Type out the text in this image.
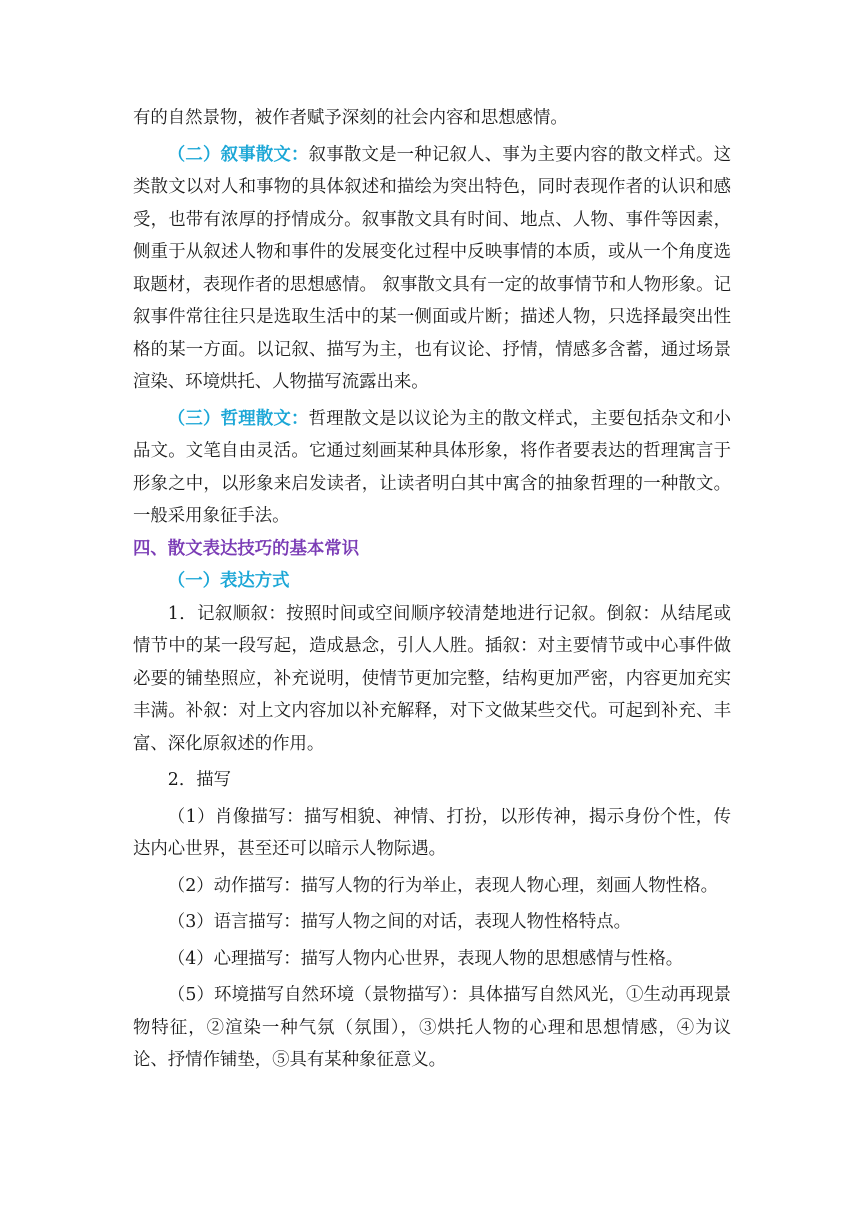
有的自然景物，被作者赋予深刻的社会内容和思想感情。

（二）叙事散文：叙事散文是一种记叙人、事为主要内容的散文样式。这类散文以对人和事物的具体叙述和描绘为突出特色，同时表现作者的认识和感受，也带有浓厚的抒情成分。叙事散文具有时间、地点、人物、事件等因素，侧重于从叙述人物和事件的发展变化过程中反映事情的本质，或从一个角度选取题材，表现作者的思想感情。 叙事散文具有一定的故事情节和人物形象。记叙事件常往往只是选取生活中的某一侧面或片断；描述人物，只选择最突出性格的某一方面。以记叙、描写为主，也有议论、抒情，情感多含蓄，通过场景渲染、环境烘托、人物描写流露出来。

（三）哲理散文：哲理散文是以议论为主的散文样式，主要包括杂文和小品文。文笔自由灵活。它通过刻画某种具体形象，将作者要表达的哲理寓言于形象之中，以形象来启发读者，让读者明白其中寓含的抽象哲理的一种散文。一般采用象征手法。

四、散文表达技巧的基本常识

（一）表达方式

1．记叙顺叙：按照时间或空间顺序较清楚地进行记叙。倒叙：从结尾或情节中的某一段写起，造成悬念，引人人胜。插叙：对主要情节或中心事件做必要的铺垫照应，补充说明，使情节更加完整，结构更加严密，内容更加充实丰满。补叙：对上文内容加以补充解释，对下文做某些交代。可起到补充、丰富、深化原叙述的作用。

2．描写

（1）肖像描写：描写相貌、神情、打扮，以形传神，揭示身份个性，传达内心世界，甚至还可以暗示人物际遇。

（2）动作描写：描写人物的行为举止，表现人物心理，刻画人物性格。

（3）语言描写：描写人物之间的对话，表现人物性格特点。

（4）心理描写：描写人物内心世界，表现人物的思想感情与性格。

（5）环境描写自然环境（景物描写）：具体描写自然风光，①生动再现景物特征，②渲染一种气氛（氛围），③烘托人物的心理和思想情感，④为议论、抒情作铺垫，⑤具有某种象征意义。
